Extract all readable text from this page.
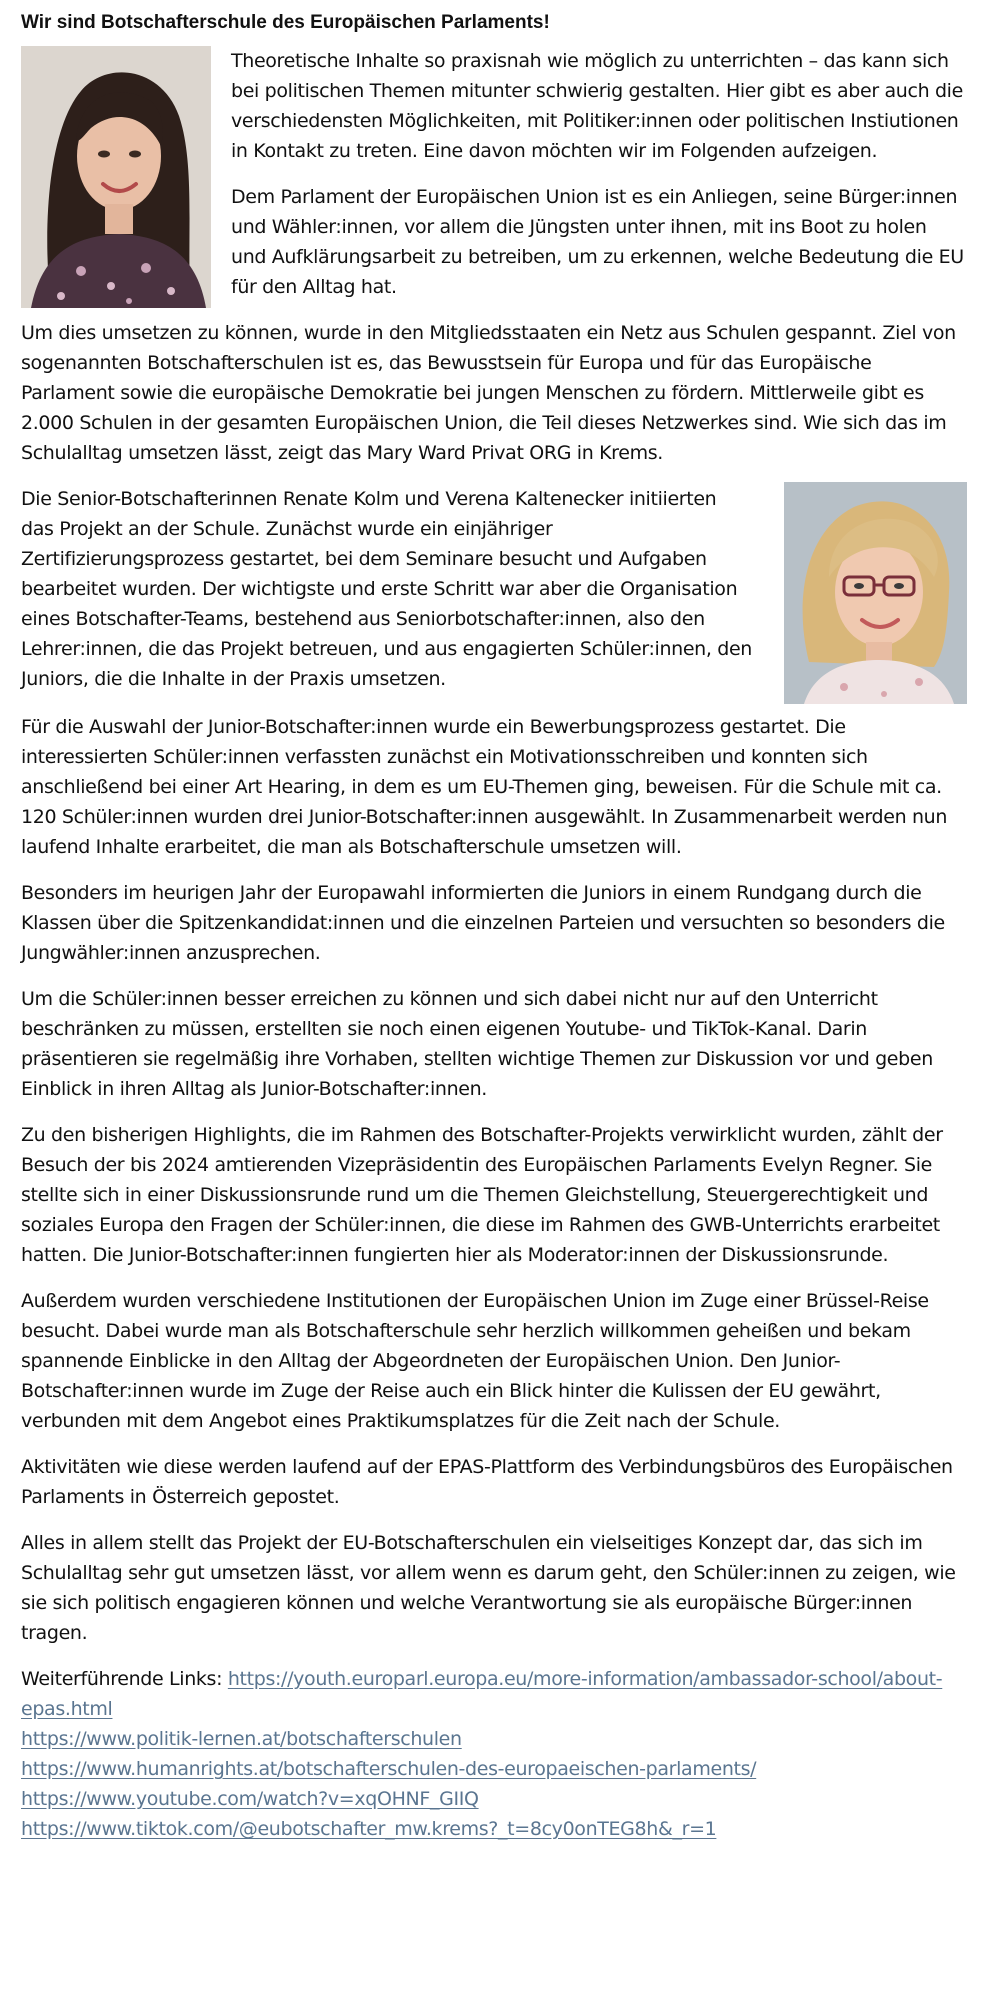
Wir sind Botschafterschule des Europäischen Parlaments!

Theoretische Inhalte so praxisnah wie möglich zu unterrichten – das kann sich bei politischen Themen mitunter schwierig gestalten. Hier gibt es aber auch die verschiedensten Möglichkeiten, mit Politiker:innen oder politischen Instiutionen in Kontakt zu treten. Eine davon möchten wir im Folgenden aufzeigen.

Dem Parlament der Europäischen Union ist es ein Anliegen, seine Bürger:innen und Wähler:innen, vor allem die Jüngsten unter ihnen, mit ins Boot zu holen und Aufklärungsarbeit zu betreiben, um zu erkennen, welche Bedeutung die EU für den Alltag hat.

Um dies umsetzen zu können, wurde in den Mitgliedsstaaten ein Netz aus Schulen gespannt. Ziel von sogenannten Botschafterschulen ist es, das Bewusstsein für Europa und für das Europäische Parlament sowie die europäische Demokratie bei jungen Menschen zu fördern. Mittlerweile gibt es 2.000 Schulen in der gesamten Europäischen Union, die Teil dieses Netzwerkes sind. Wie sich das im Schulalltag umsetzen lässt, zeigt das Mary Ward Privat ORG in Krems.

Die Senior-Botschafterinnen Renate Kolm und Verena Kaltenecker initiierten das Projekt an der Schule. Zunächst wurde ein einjähriger Zertifizierungsprozess gestartet, bei dem Seminare besucht und Aufgaben bearbeitet wurden. Der wichtigste und erste Schritt war aber die Organisation eines Botschafter-Teams, bestehend aus Seniorbotschafter:innen, also den Lehrer:innen, die das Projekt betreuen, und aus engagierten Schüler:innen, den Juniors, die die Inhalte in der Praxis umsetzen.

Für die Auswahl der Junior-Botschafter:innen wurde ein Bewerbungsprozess gestartet. Die interessierten Schüler:innen verfassten zunächst ein Motivationsschreiben und konnten sich anschließend bei einer Art Hearing, in dem es um EU-Themen ging, beweisen. Für die Schule mit ca. 120 Schüler:innen wurden drei Junior-Botschafter:innen ausgewählt. In Zusammenarbeit werden nun laufend Inhalte erarbeitet, die man als Botschafterschule umsetzen will.

Besonders im heurigen Jahr der Europawahl informierten die Juniors in einem Rundgang durch die Klassen über die Spitzenkandidat:innen und die einzelnen Parteien und versuchten so besonders die Jungwähler:innen anzusprechen.

Um die Schüler:innen besser erreichen zu können und sich dabei nicht nur auf den Unterricht beschränken zu müssen, erstellten sie noch einen eigenen Youtube- und TikTok-Kanal. Darin präsentieren sie regelmäßig ihre Vorhaben, stellten wichtige Themen zur Diskussion vor und geben Einblick in ihren Alltag als Junior-Botschafter:innen.

Zu den bisherigen Highlights, die im Rahmen des Botschafter-Projekts verwirklicht wurden, zählt der Besuch der bis 2024 amtierenden Vizepräsidentin des Europäischen Parlaments Evelyn Regner. Sie stellte sich in einer Diskussionsrunde rund um die Themen Gleichstellung, Steuergerechtigkeit und soziales Europa den Fragen der Schüler:innen, die diese im Rahmen des GWB-Unterrichts erarbeitet hatten. Die Junior-Botschafter:innen fungierten hier als Moderator:innen der Diskussionsrunde.

Außerdem wurden verschiedene Institutionen der Europäischen Union im Zuge einer Brüssel-Reise besucht. Dabei wurde man als Botschafterschule sehr herzlich willkommen geheißen und bekam spannende Einblicke in den Alltag der Abgeordneten der Europäischen Union. Den Junior-Botschafter:innen wurde im Zuge der Reise auch ein Blick hinter die Kulissen der EU gewährt, verbunden mit dem Angebot eines Praktikumsplatzes für die Zeit nach der Schule.

Aktivitäten wie diese werden laufend auf der EPAS-Plattform des Verbindungsbüros des Europäischen Parlaments in Österreich gepostet.

Alles in allem stellt das Projekt der EU-Botschafterschulen ein vielseitiges Konzept dar, das sich im Schulalltag sehr gut umsetzen lässt, vor allem wenn es darum geht, den Schüler:innen zu zeigen, wie sie sich politisch engagieren können und welche Verantwortung sie als europäische Bürger:innen tragen.

Weiterführende Links: https://youth.europarl.europa.eu/more-information/ambassador-school/about-epas.html
https://www.politik-lernen.at/botschafterschulen
https://www.humanrights.at/botschafterschulen-des-europaeischen-parlaments/
https://www.youtube.com/watch?v=xqOHNF_GIIQ
https://www.tiktok.com/@eubotschafter_mw.krems?_t=8cy0onTEG8h&_r=1
